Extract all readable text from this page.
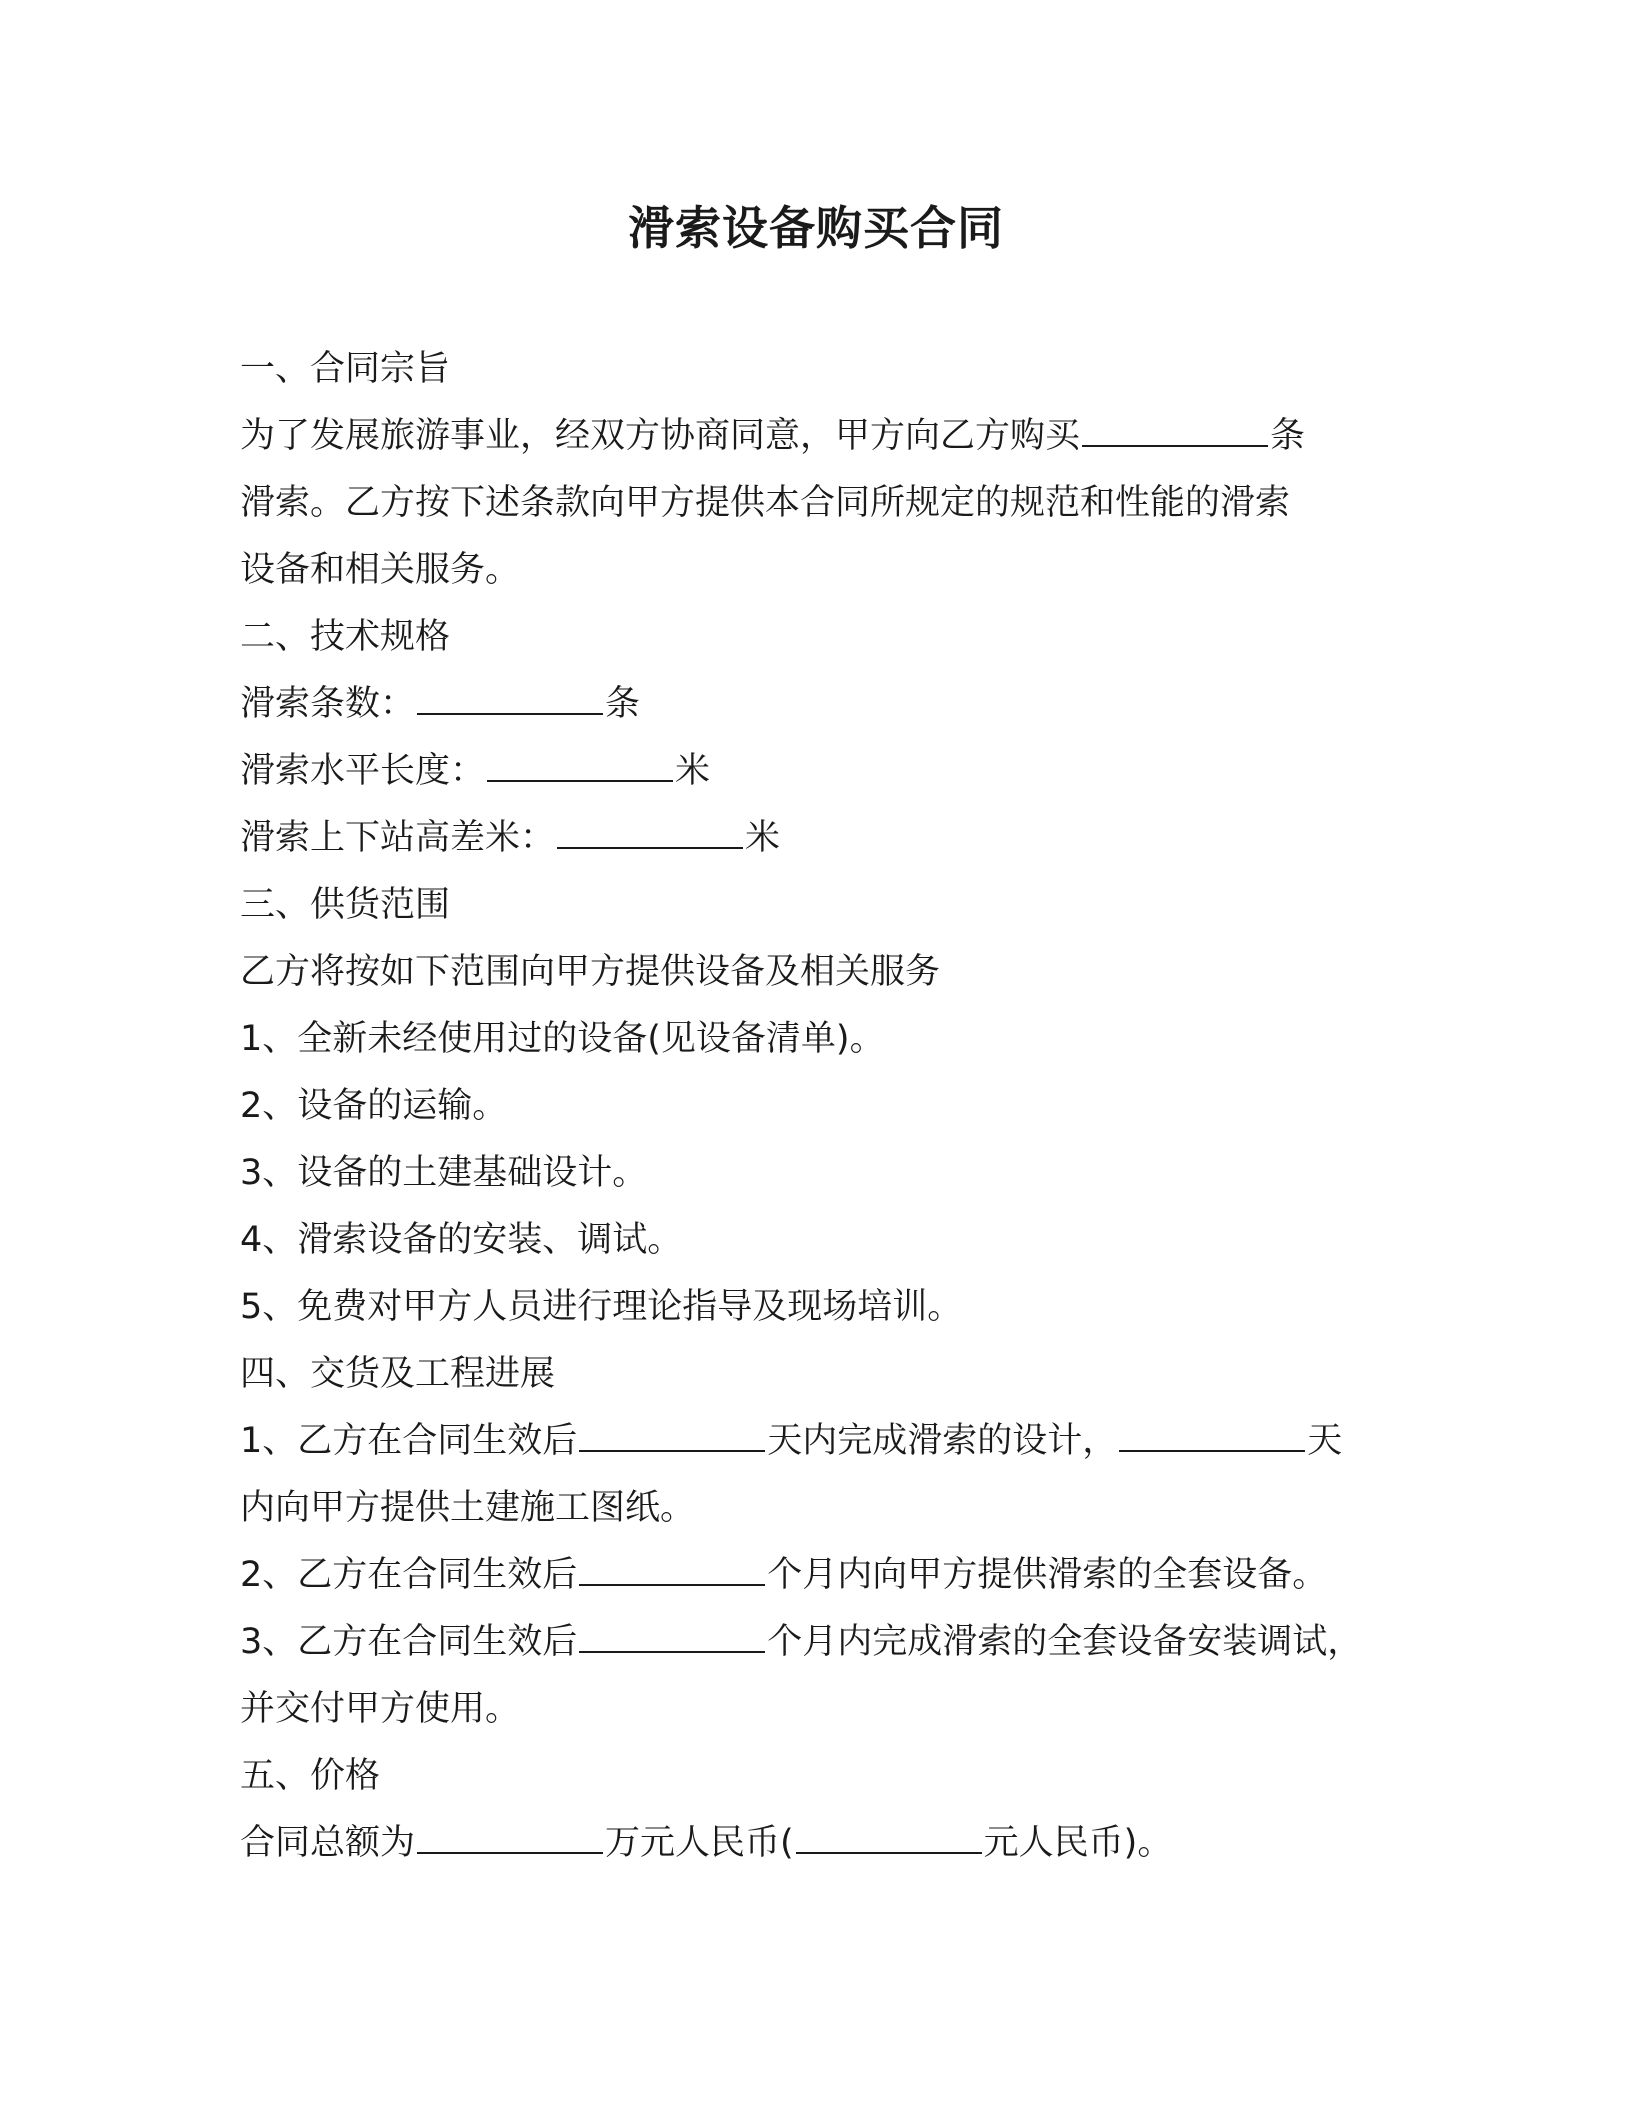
滑索设备购买合同
一、合同宗旨
为了发展旅游事业，经双方协商同意，甲方向乙方购买	条
滑索。乙方按下述条款向甲方提供本合同所规定的规范和性能的滑索
设备和相关服务。
二、技术规格
滑索条数：	条
滑索水平长度：	米
滑索上下站高差米：	米
三、供货范围
乙方将按如下范围向甲方提供设备及相关服务
1、全新未经使用过的设备(见设备清单)。
2、设备的运输。
3、设备的土建基础设计。
4、滑索设备的安装、调试。
5、免费对甲方人员进行理论指导及现场培训。
四、交货及工程进展
1、乙方在合同生效后	天内完成滑索的设计，	天
内向甲方提供土建施工图纸。
2、乙方在合同生效后	个月内向甲方提供滑索的全套设备。
3、乙方在合同生效后	个月内完成滑索的全套设备安装调试，
并交付甲方使用。
五、价格
合同总额为	万元人民币(	元人民币)。
